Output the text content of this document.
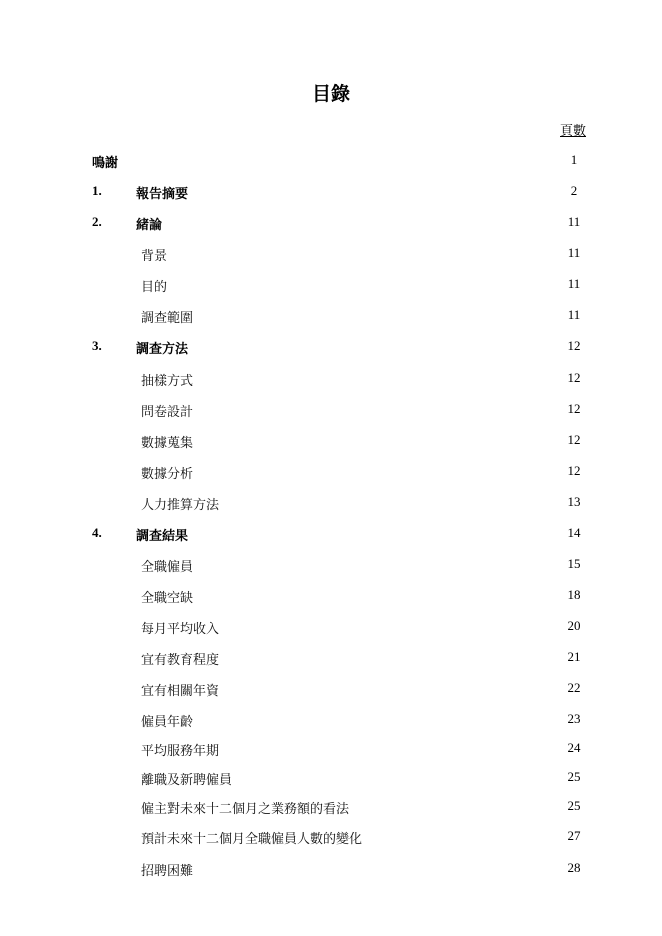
目錄
頁數
鳴謝	1
1.	報告摘要	2
2.	緒論	11
背景	11
目的	11
調查範圍	11
3.	調查方法	12
抽樣方式	12
問卷設計	12
數據蒐集	12
數據分析	12
人力推算方法	13
4.	調查結果	14
全職僱員	15
全職空缺	18
每月平均收入	20
宜有教育程度	21
宜有相關年資	22
僱員年齡	23
平均服務年期	24
離職及新聘僱員	25
僱主對未來十二個月之業務額的看法	25
預計未來十二個月全職僱員人數的變化	27
招聘困難	28
